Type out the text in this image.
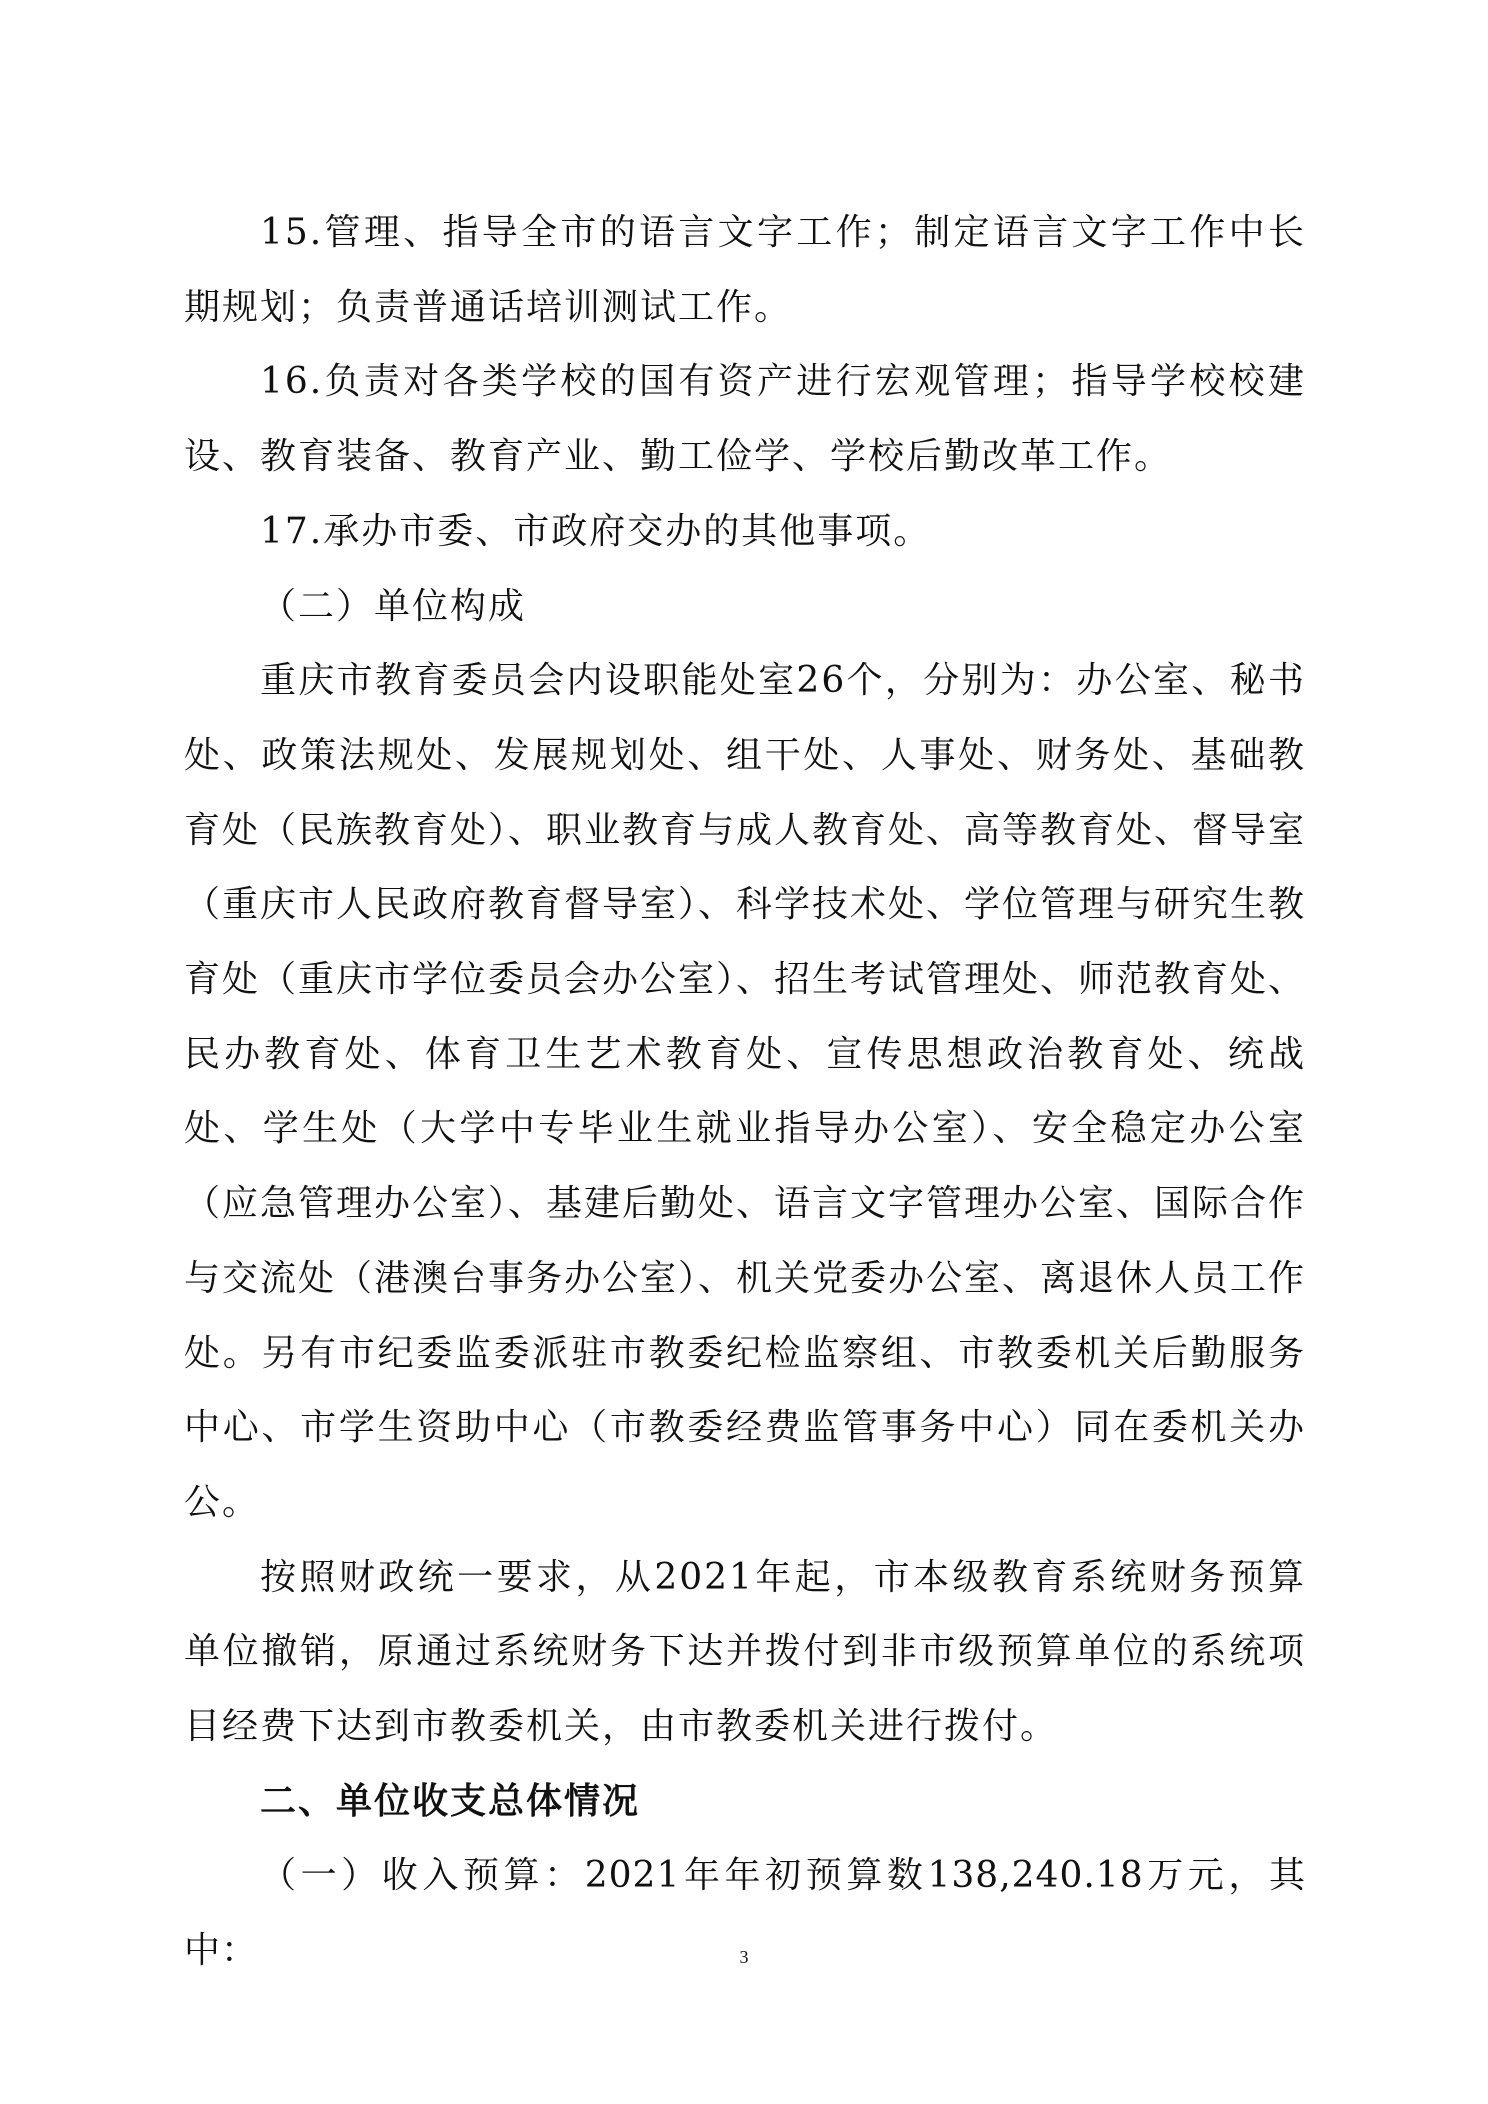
15.管理、指导全市的语言文字工作；制定语言文字工作中长期规划；负责普通话培训测试工作。

16.负责对各类学校的国有资产进行宏观管理；指导学校校建设、教育装备、教育产业、勤工俭学、学校后勤改革工作。

17.承办市委、市政府交办的其他事项。

（二）单位构成

重庆市教育委员会内设职能处室26个，分别为：办公室、秘书处、政策法规处、发展规划处、组干处、人事处、财务处、基础教育处（民族教育处）、职业教育与成人教育处、高等教育处、督导室（重庆市人民政府教育督导室）、科学技术处、学位管理与研究生教育处（重庆市学位委员会办公室）、招生考试管理处、师范教育处、民办教育处、体育卫生艺术教育处、宣传思想政治教育处、统战处、学生处（大学中专毕业生就业指导办公室）、安全稳定办公室（应急管理办公室）、基建后勤处、语言文字管理办公室、国际合作与交流处（港澳台事务办公室）、机关党委办公室、离退休人员工作处。另有市纪委监委派驻市教委纪检监察组、市教委机关后勤服务中心、市学生资助中心（市教委经费监管事务中心）同在委机关办公。

按照财政统一要求，从2021年起，市本级教育系统财务预算单位撤销，原通过系统财务下达并拨付到非市级预算单位的系统项目经费下达到市教委机关，由市教委机关进行拨付。

二、单位收支总体情况

（一）收入预算：2021年年初预算数138,240.18万元，其中：	3
